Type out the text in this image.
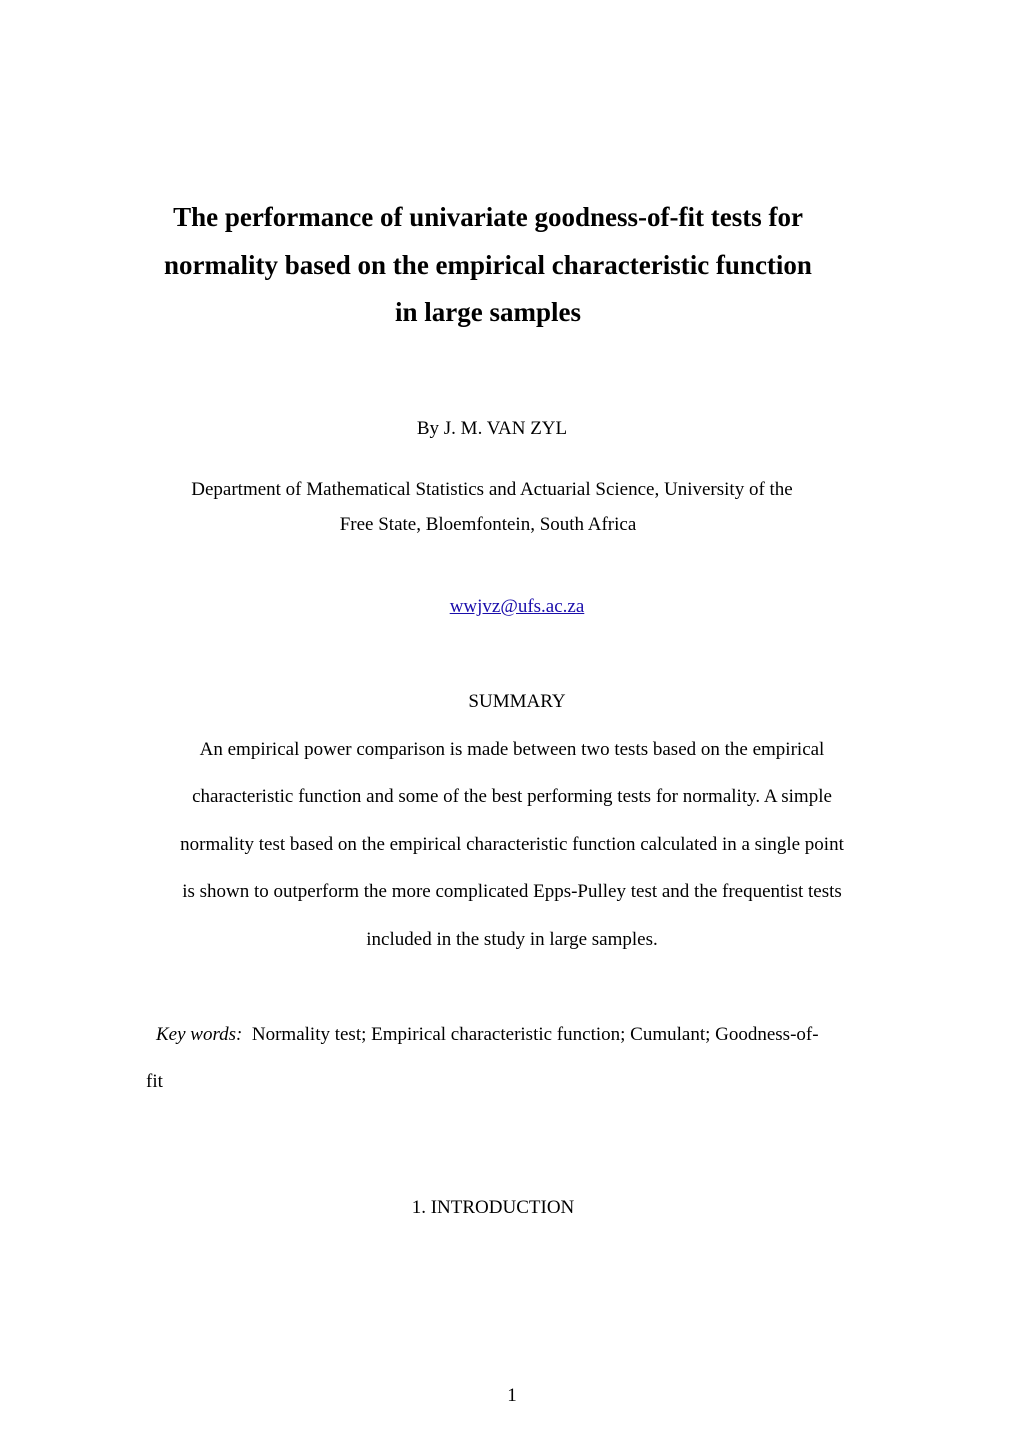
The performance of univariate goodness-of-fit tests for
normality based on the empirical characteristic function
in large samples
By J. M. VAN ZYL
Department of Mathematical Statistics and Actuarial Science, University of the
Free State, Bloemfontein, South Africa
wwjvz@ufs.ac.za
SUMMARY
An empirical power comparison is made between two tests based on the empirical
characteristic function and some of the best performing tests for normality. A simple
normality test based on the empirical characteristic function calculated in a single point
is shown to outperform the more complicated Epps-Pulley test and the frequentist tests
included in the study in large samples.
Key words: Normality test; Empirical characteristic function; Cumulant; Goodness-of-
fit
1. INTRODUCTION
1
